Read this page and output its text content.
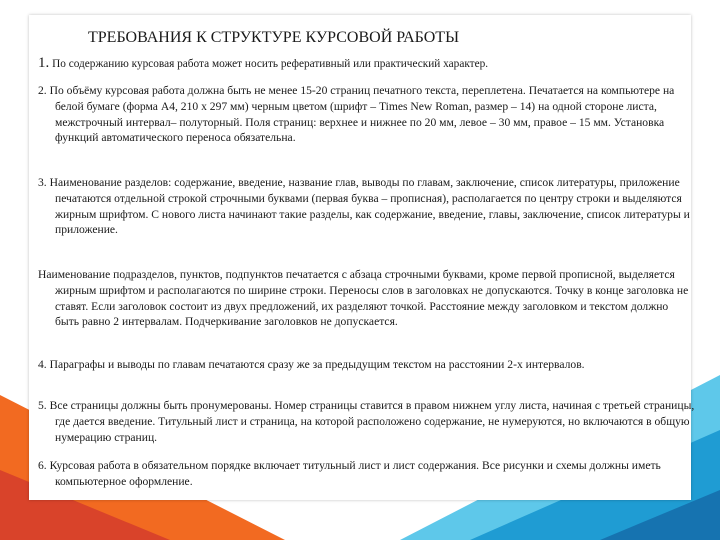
ТРЕБОВАНИЯ К СТРУКТУРЕ КУРСОВОЙ РАБОТЫ

1. По содержанию курсовая работа может носить реферативный или практический характер.

2. По объёму курсовая работа должна быть не менее 15-20 страниц печатного текста, переплетена. Печатается на компьютере на белой бумаге (форма А4, 210 х 297 мм) черным цветом (шрифт – Times New Roman, размер – 14) на одной стороне листа, межстрочный интервал– полуторный. Поля страниц: верхнее и нижнее по 20 мм, левое – 30 мм, правое – 15 мм. Установка функций автоматического переноса обязательна.

3. Наименование разделов: содержание, введение, название глав, выводы по главам, заключение, список литературы, приложение печатаются отдельной строкой строчными буквами (первая буква – прописная), располагается по центру строки и выделяются жирным шрифтом. С нового листа начинают такие разделы, как содержание, введение, главы, заключение, список литературы и приложение.

Наименование подразделов, пунктов, подпунктов печатается с абзаца строчными буквами, кроме первой прописной, выделяется жирным шрифтом и располагаются по ширине строки. Переносы слов в заголовках не допускаются. Точку в конце заголовка не ставят. Если заголовок состоит из двух предложений, их разделяют точкой. Расстояние между заголовком и текстом должно быть равно 2 интервалам. Подчеркивание заголовков не допускается.

4. Параграфы и выводы по главам печатаются сразу же за предыдущим текстом на расстоянии 2-х интервалов.

5. Все страницы должны быть пронумерованы. Номер страницы ставится в правом нижнем углу листа, начиная с третьей страницы, где дается введение. Титульный лист и страница, на которой расположено содержание, не нумеруются, но включаются в общую нумерацию страниц.

6. Курсовая работа в обязательном порядке включает титульный лист и лист содержания. Все рисунки и схемы должны иметь компьютерное оформление.
